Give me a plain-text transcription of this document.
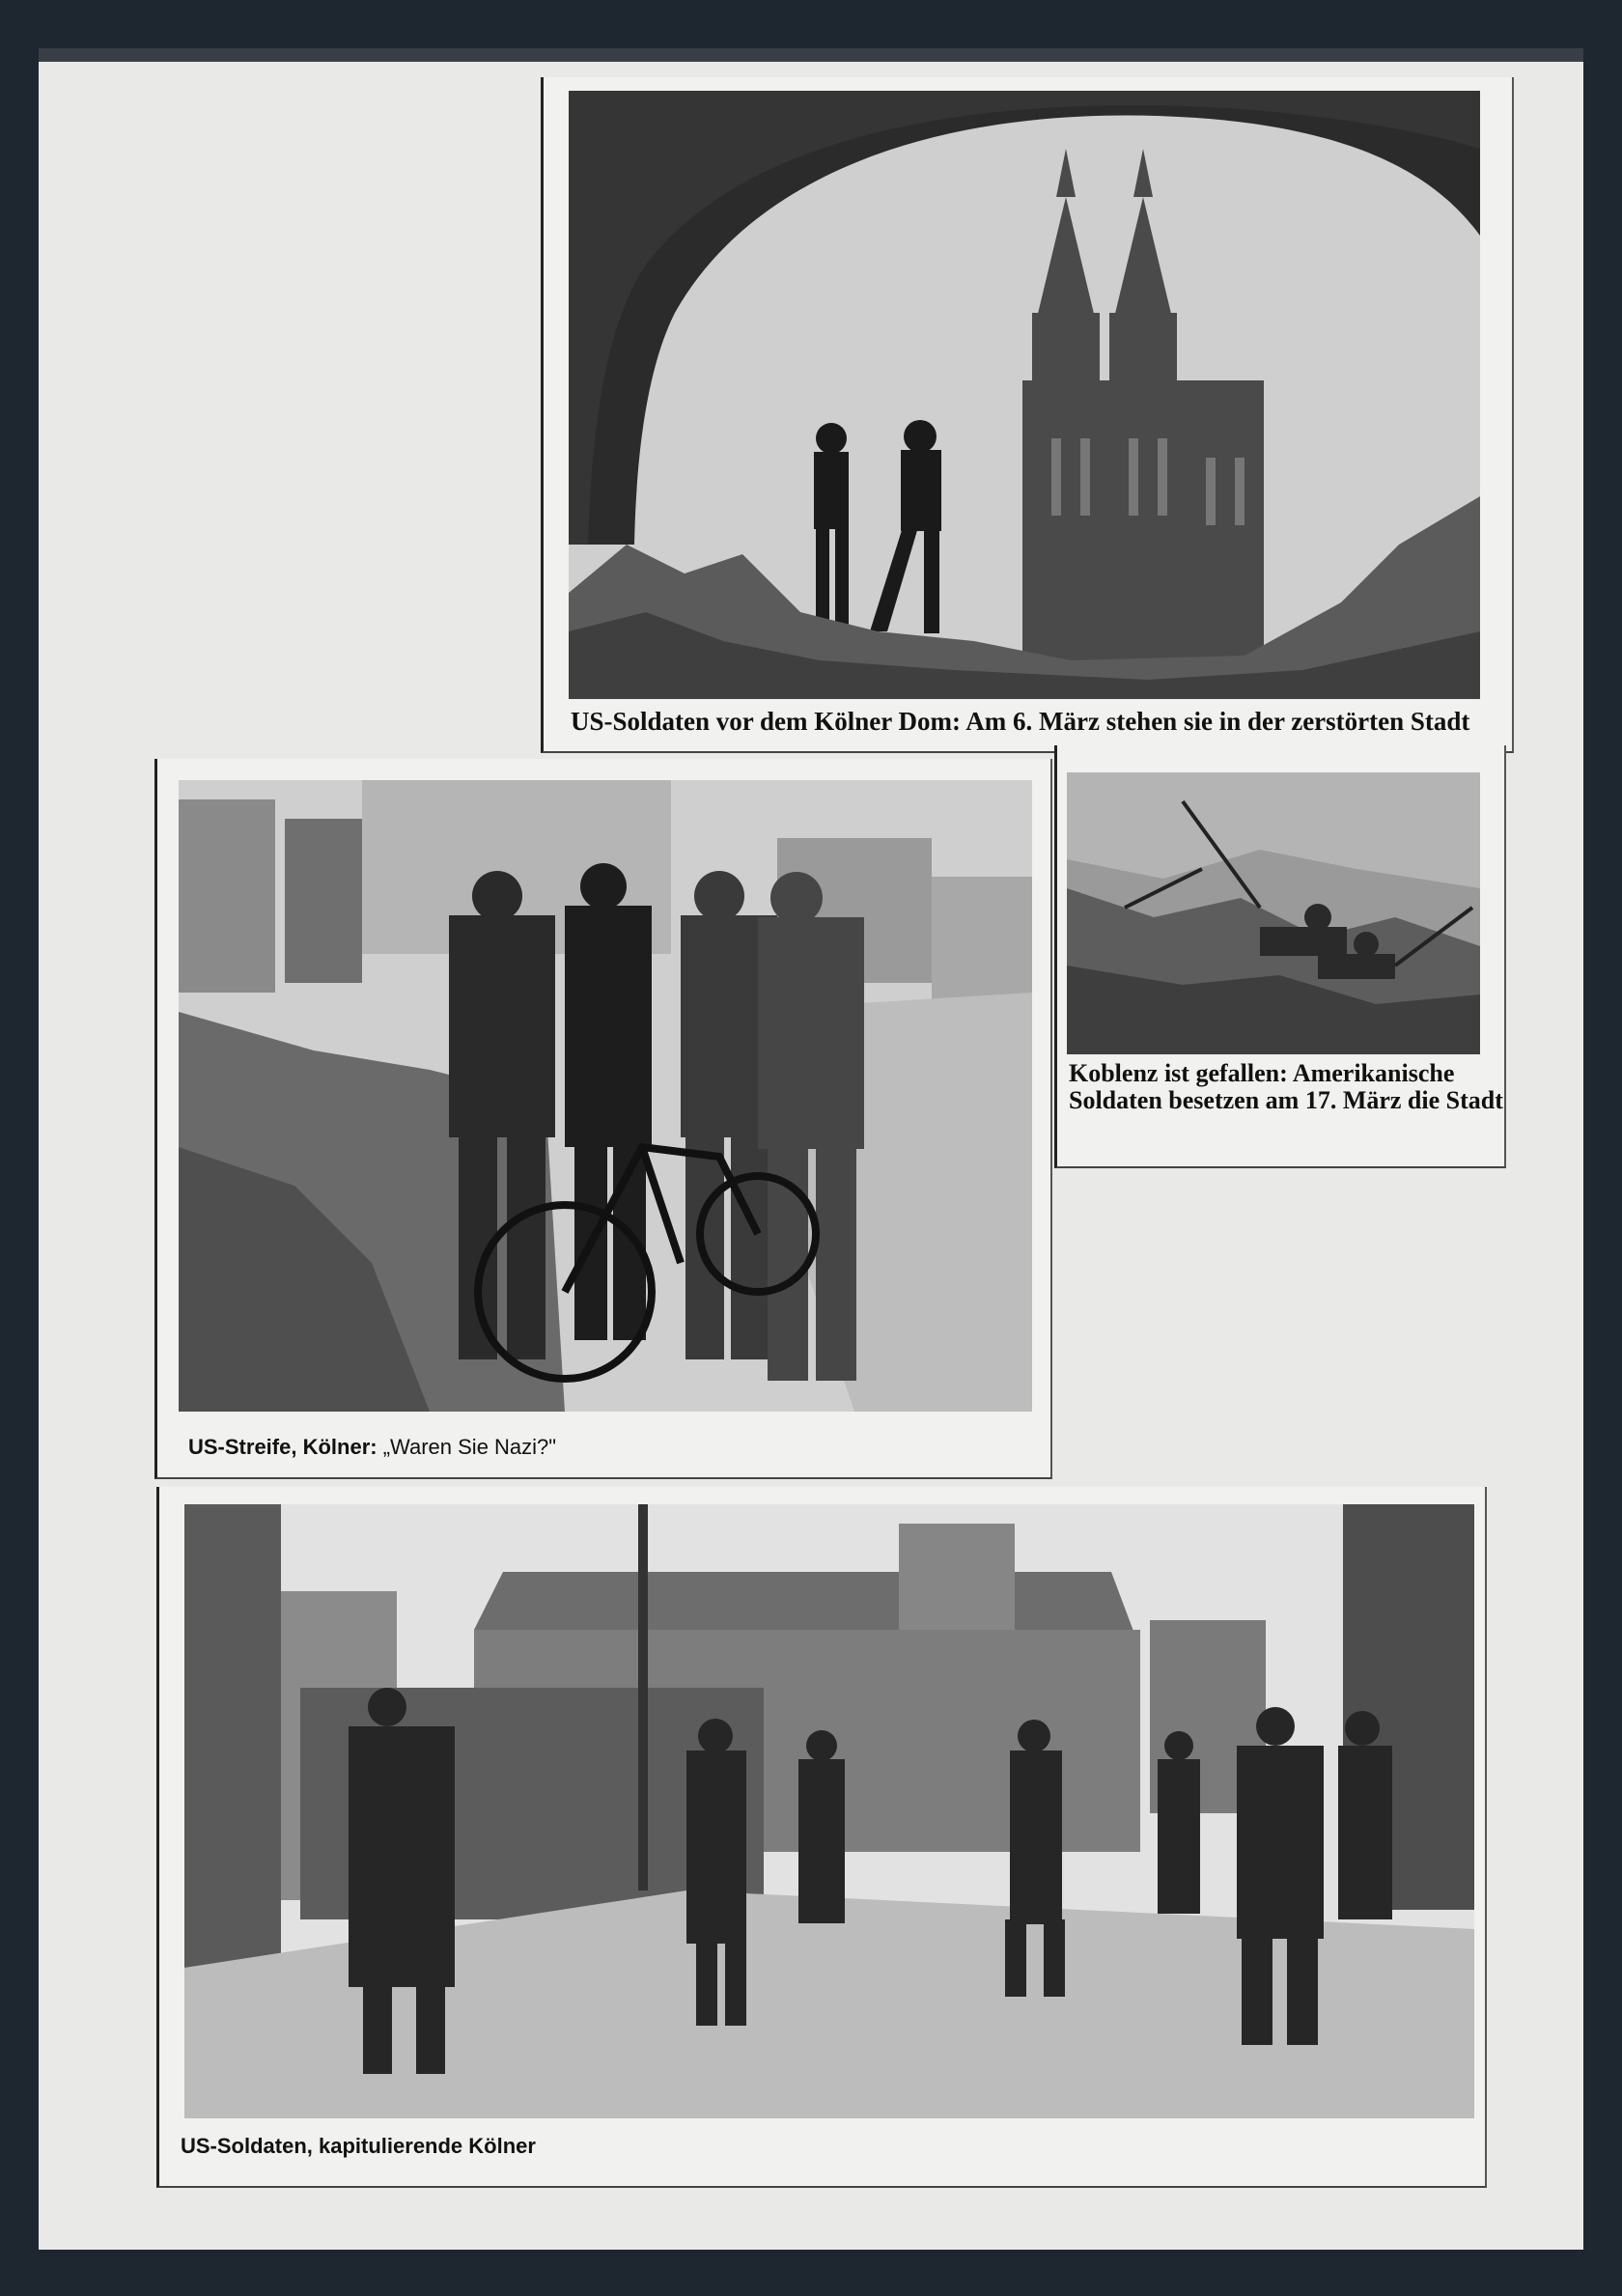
US-Soldaten vor dem Kölner Dom: Am 6. März stehen sie in der zerstörten Stadt
US-Streife, Kölner: „Waren Sie Nazi?"
Koblenz ist gefallen: Amerikanische
Soldaten besetzen am 17. März die Stadt
US-Soldaten, kapitulierende Kölner
